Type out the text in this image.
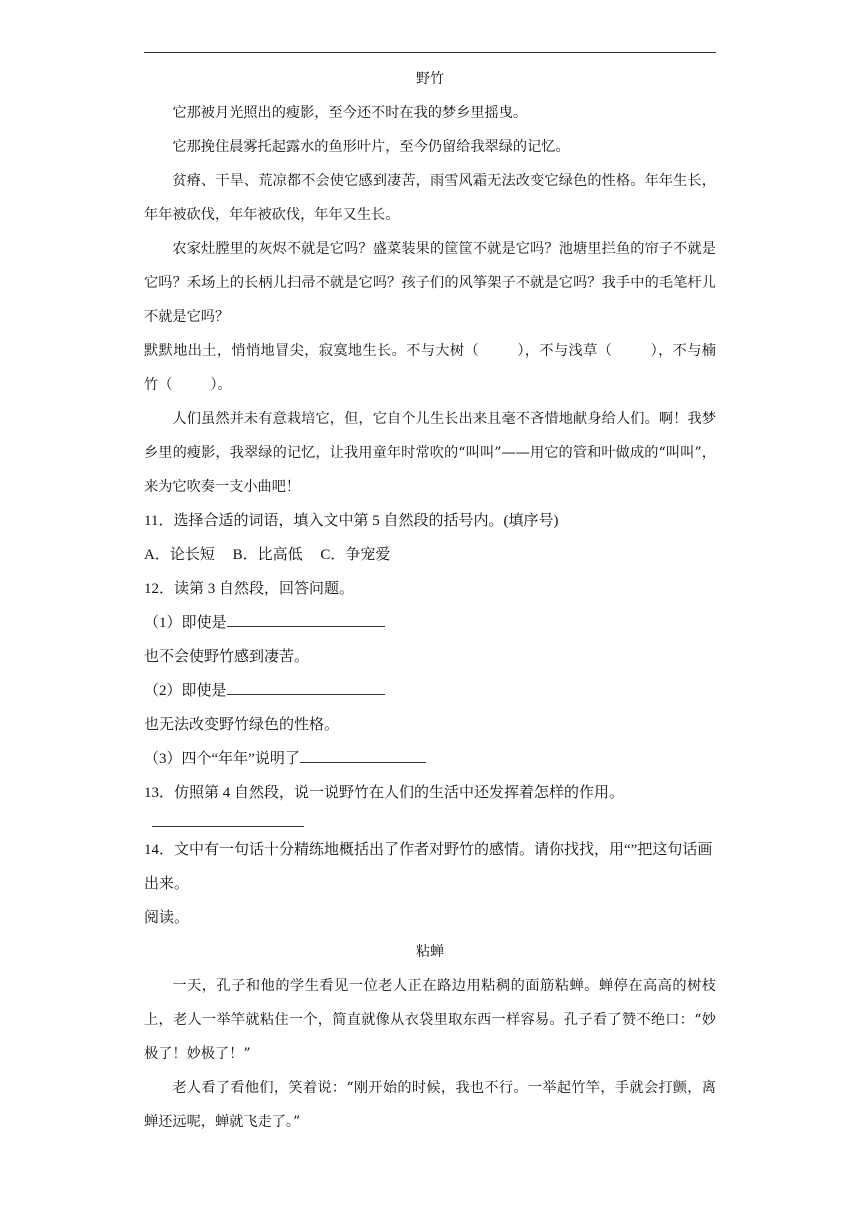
野竹
它那被月光照出的瘦影，至今还不时在我的梦乡里摇曳。
它那挽住晨雾托起露水的鱼形叶片，至今仍留给我翠绿的记忆。
贫瘠、干旱、荒凉都不会使它感到凄苦，雨雪风霜无法改变它绿色的性格。年年生长，年年被砍伐，年年被砍伐，年年又生长。
农家灶膛里的灰烬不就是它吗？盛菜装果的筐筐不就是它吗？池塘里拦鱼的帘子不就是它吗？禾场上的长柄儿扫帚不就是它吗？孩子们的风筝架子不就是它吗？我手中的毛笔杆儿不就是它吗？
默默地出土，悄悄地冒尖，寂寞地生长。不与大树（	），不与浅草（	），不与楠竹（	）。
人们虽然并未有意栽培它，但，它自个儿生长出来且毫不吝惜地献身给人们。啊！我梦乡里的瘦影，我翠绿的记忆，让我用童年时常吹的“叫叫”——用它的管和叶做成的“叫叫”，来为它吹奏一支小曲吧！
11．选择合适的词语，填入文中第 5 自然段的括号内。(填序号)
A．论长短 B．比高低 C．争宠爱
12．读第 3 自然段，回答问题。
（1）即使是
也不会使野竹感到凄苦。
（2）即使是
也无法改变野竹绿色的性格。
（3）四个“年年”说明了
13．仿照第 4 自然段，说一说野竹在人们的生活中还发挥着怎样的作用。
14．文中有一句话十分精练地概括出了作者对野竹的感情。请你找找，用“”把这句话画出来。
阅读。
粘蝉
一天，孔子和他的学生看见一位老人正在路边用粘稠的面筋粘蝉。蝉停在高高的树枝上，老人一举竿就粘住一个，简直就像从衣袋里取东西一样容易。孔子看了赞不绝口：“妙极了！妙极了！”
老人看了看他们，笑着说：“刚开始的时候，我也不行。一举起竹竿，手就会打颤，离蝉还远呢，蝉就飞走了。”
